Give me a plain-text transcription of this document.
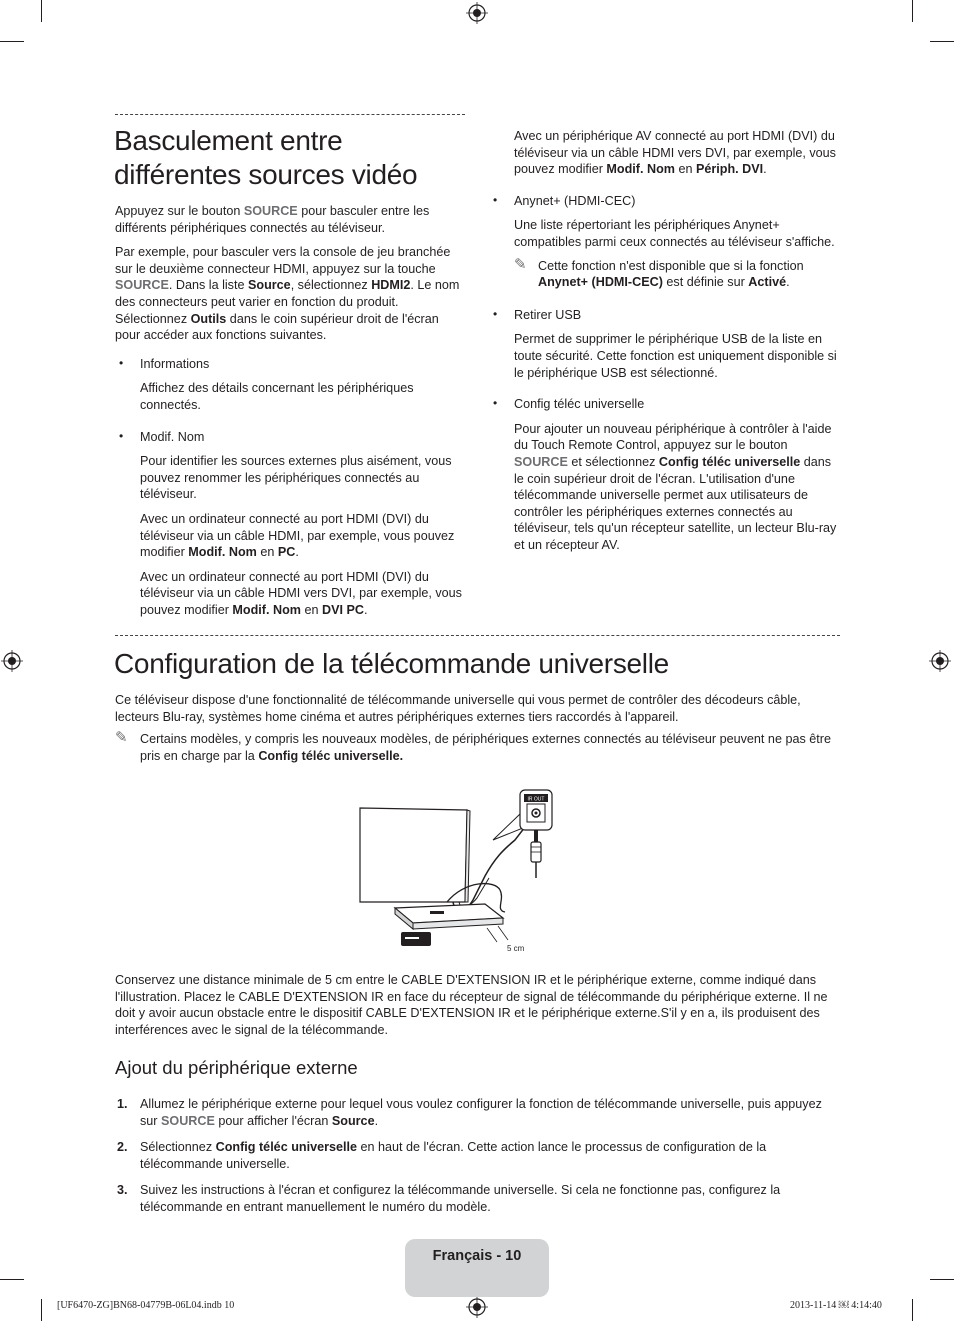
Basculement entre
différentes sources vidéo

Appuyez sur le bouton SOURCE pour basculer entre les différents périphériques connectés au téléviseur.

Par exemple, pour basculer vers la console de jeu branchée sur le deuxième connecteur HDMI, appuyez sur la touche SOURCE. Dans la liste Source, sélectionnez HDMI2. Le nom des connecteurs peut varier en fonction du produit. Sélectionnez Outils dans le coin supérieur droit de l'écran pour accéder aux fonctions suivantes.

• Informations

Affichez des détails concernant les périphériques connectés.

• Modif. Nom

Pour identifier les sources externes plus aisément, vous pouvez renommer les périphériques connectés au téléviseur.

Avec un ordinateur connecté au port HDMI (DVI) du téléviseur via un câble HDMI, par exemple, vous pouvez modifier Modif. Nom en PC.

Avec un ordinateur connecté au port HDMI (DVI) du téléviseur via un câble HDMI vers DVI, par exemple, vous pouvez modifier Modif. Nom en DVI PC.

Avec un périphérique AV connecté au port HDMI (DVI) du téléviseur via un câble HDMI vers DVI, par exemple, vous pouvez modifier Modif. Nom en Périph. DVI.

• Anynet+ (HDMI-CEC)

Une liste répertoriant les périphériques Anynet+ compatibles parmi ceux connectés au téléviseur s'affiche.

✎ Cette fonction n'est disponible que si la fonction Anynet+ (HDMI-CEC) est définie sur Activé.

• Retirer USB

Permet de supprimer le périphérique USB de la liste en toute sécurité. Cette fonction est uniquement disponible si le périphérique USB est sélectionné.

• Config téléc universelle

Pour ajouter un nouveau périphérique à contrôler à l'aide du Touch Remote Control, appuyez sur le bouton SOURCE et sélectionnez Config téléc universelle dans le coin supérieur droit de l'écran. L'utilisation d'une télécommande universelle permet aux utilisateurs de contrôler les périphériques externes connectés au téléviseur, tels qu'un récepteur satellite, un lecteur Blu-ray et un récepteur AV.

Configuration de la télécommande universelle

Ce téléviseur dispose d'une fonctionnalité de télécommande universelle qui vous permet de contrôler des décodeurs câble, lecteurs Blu-ray, systèmes home cinéma et autres périphériques externes tiers raccordés à l'appareil.

✎ Certains modèles, y compris les nouveaux modèles, de périphériques externes connectés au téléviseur peuvent ne pas être pris en charge par la Config téléc universelle.

IR OUT
5 cm

Conservez une distance minimale de 5 cm entre le CABLE D'EXTENSION IR et le périphérique externe, comme indiqué dans l'illustration. Placez le CABLE D'EXTENSION IR en face du récepteur de signal de télécommande du périphérique externe. Il ne doit y avoir aucun obstacle entre le dispositif CABLE D'EXTENSION IR et le périphérique externe.S'il y en a, ils produisent des interférences avec le signal de la télécommande.

Ajout du périphérique externe
1. Allumez le périphérique externe pour lequel vous voulez configurer la fonction de télécommande universelle, puis appuyez sur SOURCE pour afficher l'écran Source.

2. Sélectionnez Config téléc universelle en haut de l'écran. Cette action lance le processus de configuration de la télécommande universelle.

3. Suivez les instructions à l'écran et configurez la télécommande universelle. Si cela ne fonctionne pas, configurez la télécommande en entrant manuellement le numéro du modèle.

Français - 10
[UF6470-ZG]BN68-04779B-06L04.indb 10	2013-11-14 ￼ 4:14:40
